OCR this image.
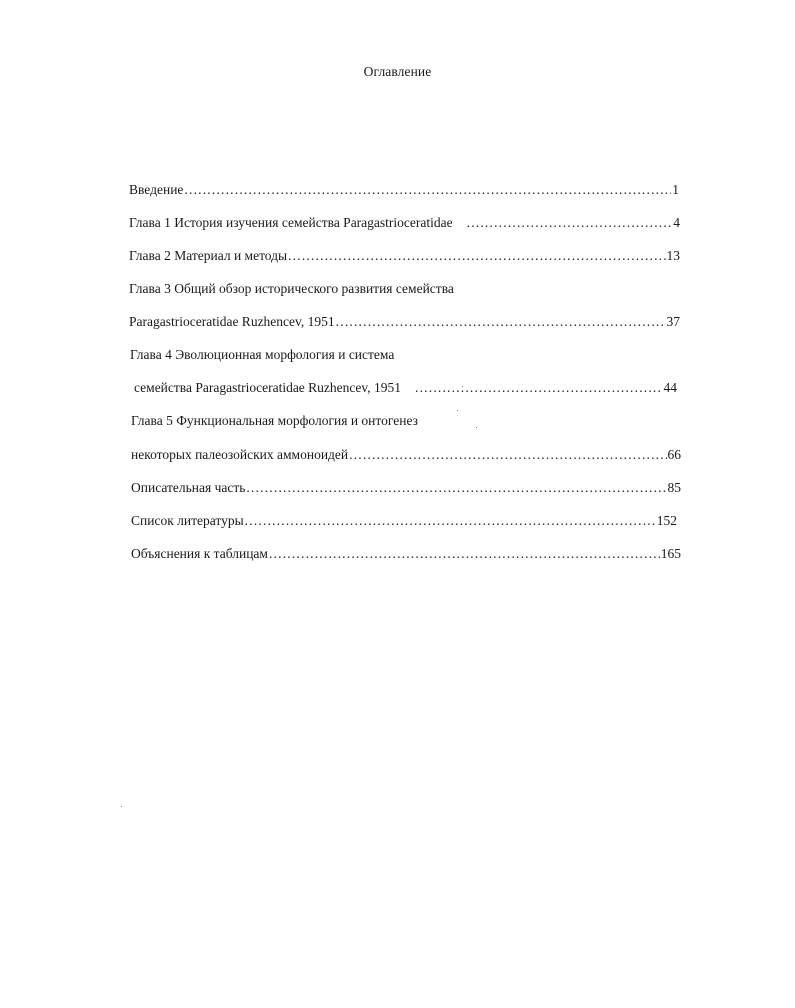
Оглавление
Введение .....	1
Глава 1 История изучения семейства Paragastrioceratidae .....	4
Глава 2 Материал и методы .....	13
Глава 3 Общий обзор исторического развития семейства
Paragastrioceratidae Ruzhencev, 1951 .....	37
Глава 4 Эволюционная морфология и система
семейства Paragastrioceratidae Ruzhencev, 1951 .....	44
Глава 5 Функциональная морфология и онтогенез
некоторых палеозойских аммоноидей .....	66
Описательная часть .....	85
Список литературы .....	152
Объяснения к таблицам .....	165
